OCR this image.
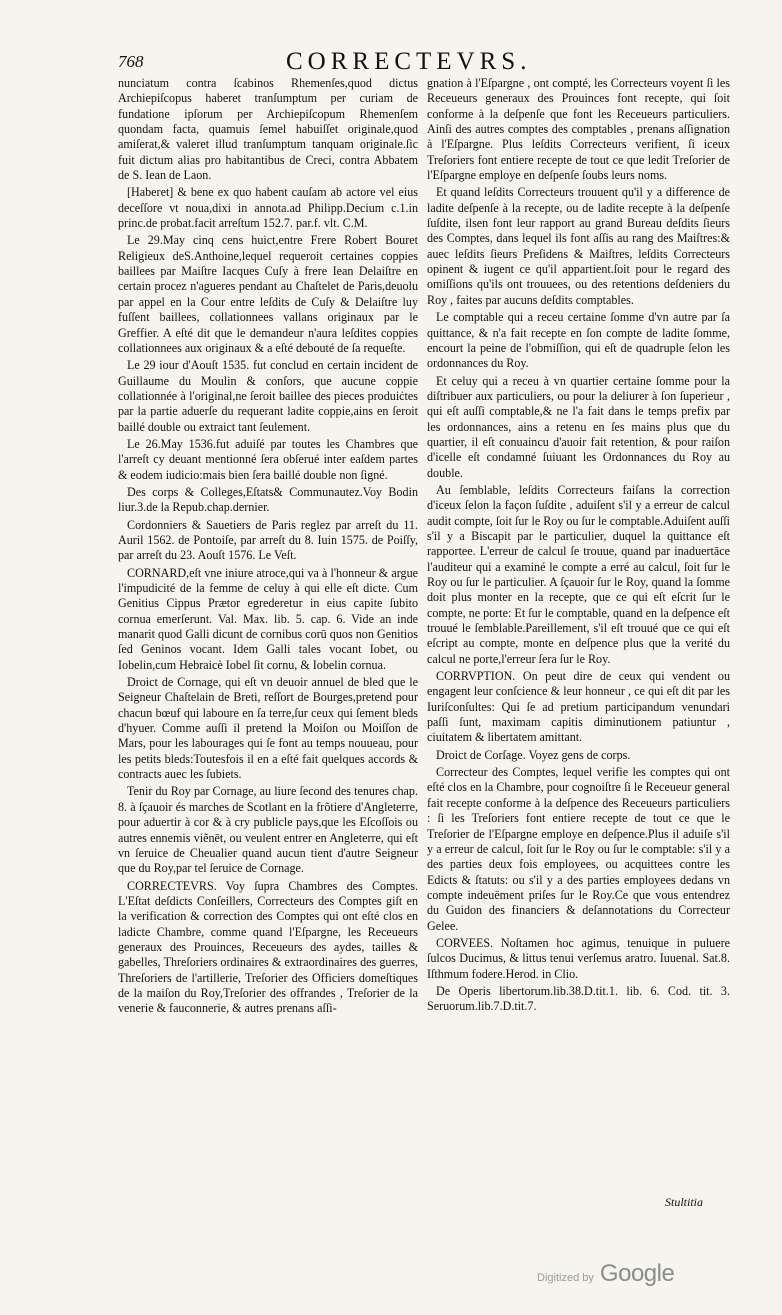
768	CORRECTEVRS.

nunciatum contra ſcabinos Rhemenſes,quod dictus Archiepiſcopus haberet tranſumptum per curiam de fundatione ipſorum per Archiepiſcopum Rhemenſem quondam facta, quamuis ſemel habuiſſet originale,quod amiſerat,& valeret illud tranſumptum tanquam originale.ſic fuit dictum alias pro habitantibus de Creci, contra Abbatem de S. Iean de Laon.

[Haberet] & bene ex quo habent cauſam ab actore vel eius deceſſore vt noua,dixi in annota.ad Philipp.Decium c.1.in princ.de probat.facit arreſtum 152.7. par.f. vlt. C.M.

Le 29.May cinq cens huict,entre Frere Robert Bouret Religieux deS.Anthoine,lequel requeroit certaines coppies baillees par Maiſtre Iacques Cuſy à frere Iean Delaiſtre en certain procez n'agueres pendant au Chaſtelet de Paris,deuolu par appel en la Cour entre leſdits de Cuſy & Delaiſtre luy fuſſent baillees, collationnees vallans originaux par le Greffier. A eſté dit que le demandeur n'aura leſdites coppies collationnees aux originaux & a eſté debouté de ſa requeſte.

Le 29 iour d'Aouſt 1535. fut conclud en certain incident de Guillaume du Moulin & conſors, que aucune coppie collationnée à l'original,ne ſeroit baillee des pieces produiċtes par la partie aduerſe du requerant ladite coppie,ains en ſeroit baillé double ou extraict tant ſeulement.

Le 26.May 1536.fut aduiſé par toutes les Chambres que l'arreſt cy deuant mentionné ſera obſerué inter eaſdem partes & eodem iudicio:mais bien ſera baillé double non ſigné.

Des corps & Colleges,Eſtats& Communautez.Voy Bodin liur.3.de la Repub.chap.dernier.

Cordonniers & Sauetiers de Paris reglez par arreſt du 11. Auril 1562. de Pontoiſe, par arreſt du 8. Iuin 1575. de Poiſſy, par arreſt du 23. Aouſt 1576. Le Veſt.

CORNARD,eſt vne iniure atroce,qui va à l'honneur & argue l'impudicité de la femme de celuy à qui elle eſt dicte. Cum Genitius Cippus Prætor egrederetur in eius capite ſubito cornua emerſerunt. Val. Max. lib. 5. cap. 6. Vide an inde manarit quod Galli dicunt de cornibus corū quos non Genitios ſed Geninos vocant. Idem Galli tales vocant Iobet, ou Iobelin,cum Hebraicè Iobel ſit cornu, & Iobelin cornua.

Droict de Cornage, qui eſt vn deuoir annuel de bled que le Seigneur Chaſtelain de Breti, reſſort de Bourges,pretend pour chacun bœuf qui laboure en ſa terre,ſur ceux qui ſement bleds d'hyuer. Comme auſſi il pretend la Moiſon ou Moiſſon de Mars, pour les labourages qui ſe font au temps nouueau, pour les petits bleds:Toutesfois il en a eſté fait quelques accords & contracts auec les ſubiets.

Tenir du Roy par Cornage, au liure ſecond des tenures chap. 8. à ſçauoir és marches de Scotlant en la frõtiere d'Angleterre, pour aduertir à cor & à cry publicle pays,que les Eſcoſſois ou autres ennemis viẽnēt, ou veulent entrer en Angleterre, qui eſt vn ſeruice de Cheualier quand aucun tient d'autre Seigneur que du Roy,par tel ſeruice de Cornage.

CORRECTEVRS. Voy ſupra Chambres des Comptes. L'Eſtat deſdicts Conſeillers, Correcteurs des Comptes giſt en la verification & correction des Comptes qui ont eſté clos en ladicte Chambre, comme quand l'Eſpargne, les Receueurs generaux des Prouinces, Receueurs des aydes, tailles & gabelles, Threſoriers ordinaires & extraordinaires des guerres, Threſoriers de l'artillerie, Treſorier des Officiers domeſtiques de la maiſon du Roy,Treſorier des offrandes , Treſorier de la venerie & fauconnerie, & autres prenans aſſi-

gnation à l'Eſpargne , ont compté, les Correcteurs voyent ſi les Receueurs generaux des Prouinces font recepte, qui ſoit conforme à la deſpenſe que font les Receueurs particuliers. Ainſi des autres comptes des comptables , prenans aſſignation à l'Eſpargne. Plus leſdits Correcteurs verifient, ſi iceux Treſoriers font entiere recepte de tout ce que ledit Treſorier de l'Eſpargne employe en deſpenſe ſoubs leurs noms.

Et quand leſdits Correcteurs trouuent qu'il y a difference de ladite deſpenſe à la recepte, ou de ladite recepte à la deſpenſe ſuſdite, ilsen font leur rapport au grand Bureau deſdits ſieurs des Comptes, dans lequel ils font aſſis au rang des Maiſtres:& auec leſdits ſieurs Preſidens & Maiſtres, leſdits Correcteurs opinent & iugent ce qu'il appartient.ſoit pour le regard des omiſſions qu'ils ont trouuees, ou des retentions deſdeniers du Roy , faites par aucuns deſdits comptables.

Le comptable qui a receu certaine ſomme d'vn autre par ſa quittance, & n'a fait recepte en ſon compte de ladite ſomme, encourt la peine de l'obmiſſion, qui eſt de quadruple ſelon les ordonnances du Roy.

Et celuy qui a receu à vn quartier certaine ſomme pour la diſtribuer aux particuliers, ou pour la deliurer à ſon ſuperieur , qui eſt auſſi comptable,& ne l'a fait dans le temps prefix par les ordonnances, ains a retenu en ſes mains plus que du quartier, il eſt conuaincu d'auoir fait retention, & pour raiſon d'icelle eſt condamné ſuiuant les Ordonnances du Roy au double.

Au ſemblable, leſdits Correcteurs faiſans la correction d'iceux ſelon la façon ſuſdite , aduiſent s'il y a erreur de calcul audit compte, ſoit ſur le Roy ou ſur le comptable.Aduiſent auſſi s'il y a Biscapit par le particulier, duquel la quittance eſt rapportee. L'erreur de calcul ſe trouue, quand par inaduertāce l'auditeur qui a examiné le compte a erré au calcul, ſoit ſur le Roy ou ſur le particulier. A ſçauoir ſur le Roy, quand la ſomme doit plus monter en la recepte, que ce qui eſt eſcrit ſur le compte, ne porte: Et ſur le comptable, quand en la deſpence eſt trouué le ſemblable.Pareillement, s'il eſt trouué que ce qui eſt eſcript au compte, monte en deſpence plus que la verité du calcul ne porte,l'erreur ſera ſur le Roy.

CORRVPTION. On peut dire de ceux qui vendent ou engagent leur conſcience & leur honneur , ce qui eſt dit par les Iuriſconſultes: Qui ſe ad pretium participandum venundari paſſi ſunt, maximam capitis diminutionem patiuntur , ciuitatem & libertatem amittant.

Droict de Corſage. Voyez gens de corps.

Correcteur des Comptes, lequel verifie les comptes qui ont eſté clos en la Chambre, pour cognoiſtre ſi le Receueur general fait recepte conforme à la deſpence des Receueurs particuliers : ſi les Treſoriers font entiere recepte de tout ce que le Treſorier de l'Eſpargne employe en deſpence.Plus il aduiſe s'il y a erreur de calcul, ſoit ſur le Roy ou ſur le comptable: s'il y a des parties deux fois employees, ou acquittees contre les Edicts & ſtatuts: ou s'il y a des parties employees dedans vn compte indeuëment priſes ſur le Roy.Ce que vous entendrez du Guidon des financiers & deſannotations du Correcteur Gelee.

CORVEES. Noſtamen hoc agimus, tenuique in puluere ſulcos Ducimus, & littus tenui verſemus aratro. Iuuenal. Sat.8. Iſthmum fodere.Herod. in Clio.

De Operis libertorum.lib.38.D.tit.1. lib. 6. Cod. tit. 3. Seruorum.lib.7.D.tit.7.

Stultitia
Digitized by Google
